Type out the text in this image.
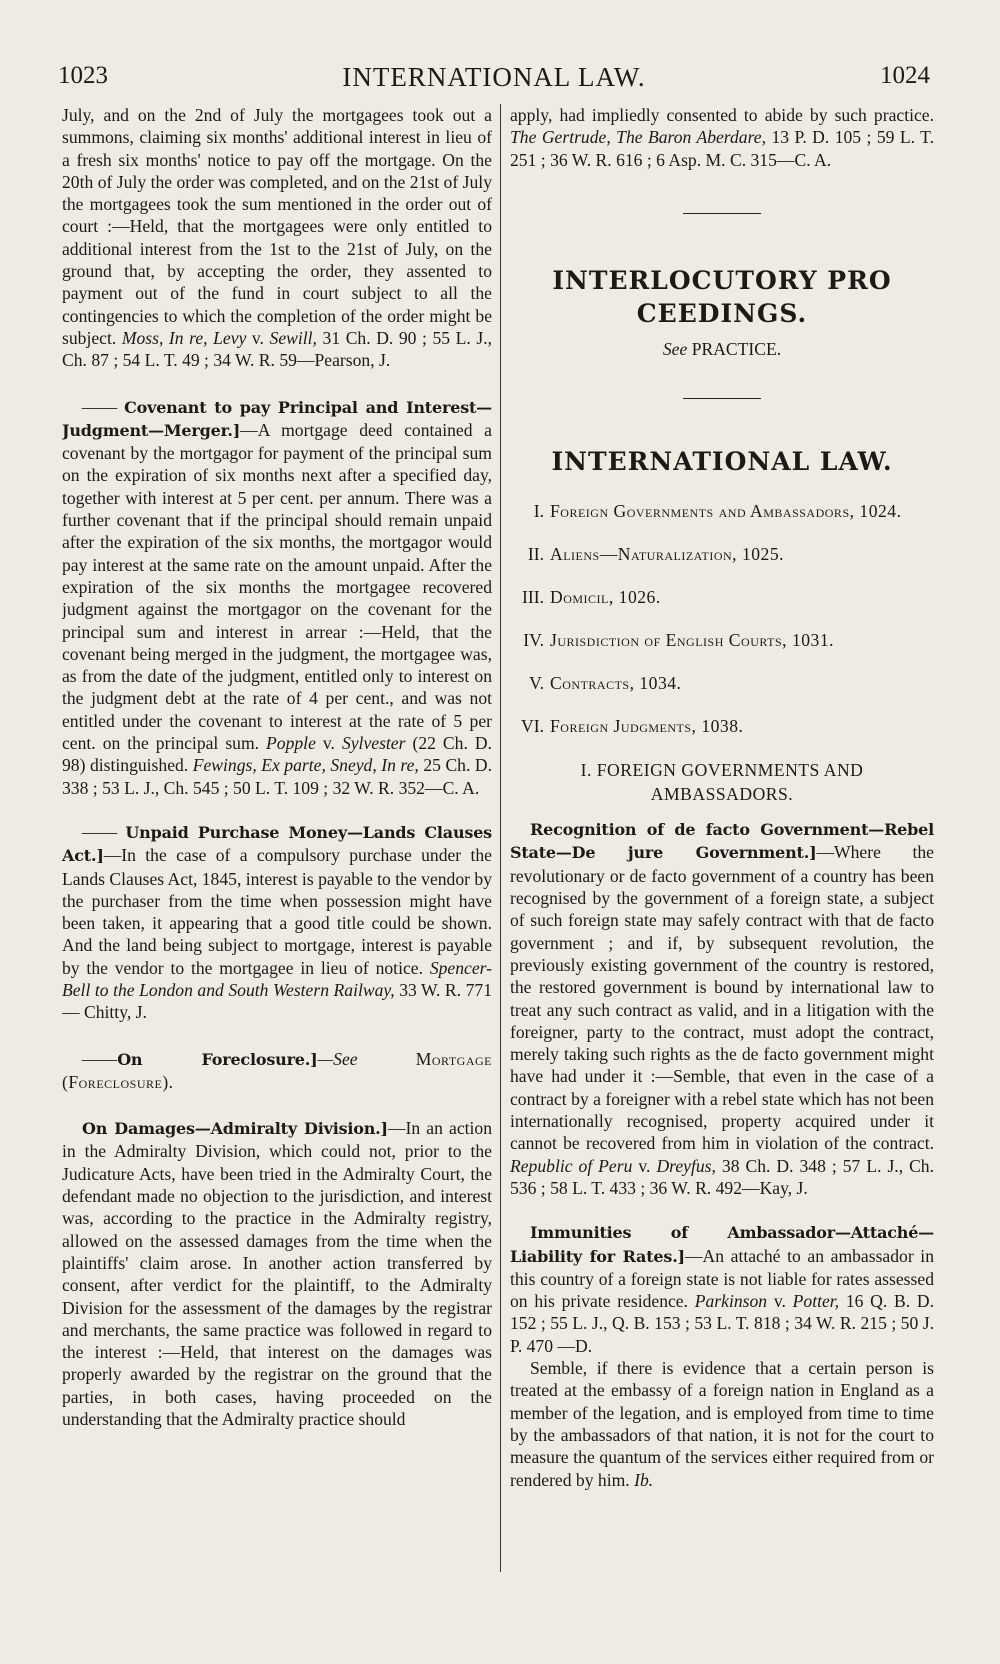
1023	INTERNATIONAL LAW.	1024

July, and on the 2nd of July the mortgagees took out a summons, claiming six months' additional interest in lieu of a fresh six months' notice to pay off the mortgage. On the 20th of July the order was completed, and on the 21st of July the mortgagees took the sum mentioned in the order out of court :—Held, that the mortgagees were only entitled to additional interest from the 1st to the 21st of July, on the ground that, by accepting the order, they assented to payment out of the fund in court subject to all the contingencies to which the completion of the order might be subject. Moss, In re, Levy v. Sewill, 31 Ch. D. 90 ; 55 L. J., Ch. 87 ; 54 L. T. 49 ; 34 W. R. 59—Pearson, J.

—— Covenant to pay Principal and Interest—Judgment—Merger.]—A mortgage deed contained a covenant by the mortgagor for payment of the principal sum on the expiration of six months next after a specified day, together with interest at 5 per cent. per annum. There was a further covenant that if the principal should remain unpaid after the expiration of the six months, the mortgagor would pay interest at the same rate on the amount unpaid. After the expiration of the six months the mortgagee recovered judgment against the mortgagor on the covenant for the principal sum and interest in arrear :—Held, that the covenant being merged in the judgment, the mortgagee was, as from the date of the judgment, entitled only to interest on the judgment debt at the rate of 4 per cent., and was not entitled under the covenant to interest at the rate of 5 per cent. on the principal sum. Popple v. Sylvester (22 Ch. D. 98) distinguished. Fewings, Ex parte, Sneyd, In re, 25 Ch. D. 338 ; 53 L. J., Ch. 545 ; 50 L. T. 109 ; 32 W. R. 352—C. A.

—— Unpaid Purchase Money—Lands Clauses Act.]—In the case of a compulsory purchase under the Lands Clauses Act, 1845, interest is payable to the vendor by the purchaser from the time when possession might have been taken, it appearing that a good title could be shown. And the land being subject to mortgage, interest is payable by the vendor to the mortgagee in lieu of notice. Spencer-Bell to the London and South Western Railway, 33 W. R. 771 — Chitty, J.

——On Foreclosure.]—See	Mortgage (Foreclosure).

On Damages—Admiralty Division.]—In an action in the Admiralty Division, which could not, prior to the Judicature Acts, have been tried in the Admiralty Court, the defendant made no objection to the jurisdiction, and interest was, according to the practice in the Admiralty registry, allowed on the assessed damages from the time when the plaintiffs' claim arose. In another action transferred by consent, after verdict for the plaintiff, to the Admiralty Division for the assessment of the damages by the registrar and merchants, the same practice was followed in regard to the interest :—Held, that interest on the damages was properly awarded by the registrar on the ground that the parties, in both cases, having proceeded on the understanding that the Admiralty practice should

apply, had impliedly consented to abide by such practice. The Gertrude, The Baron Aberdare, 13 P. D. 105 ; 59 L. T. 251 ; 36 W. R. 616 ; 6 Asp. M. C. 315—C. A.

INTERLOCUTORY PRO
CEEDINGS.

See PRACTICE.

INTERNATIONAL LAW.
I. Foreign Governments and Ambassadors, 1024.
II. Aliens—Naturalization, 1025.
III. Domicil, 1026.
IV. Jurisdiction of English Courts, 1031.
V. Contracts, 1034.
VI. Foreign Judgments, 1038.
I. FOREIGN GOVERNMENTS AND
AMBASSADORS.

Recognition of de facto Government—Rebel State—De jure Government.]—Where the revolutionary or de facto government of a country has been recognised by the government of a foreign state, a subject of such foreign state may safely contract with that de facto government ; and if, by subsequent revolution, the previously existing government of the country is restored, the restored government is bound by international law to treat any such contract as valid, and in a litigation with the foreigner, party to the contract, must adopt the contract, merely taking such rights as the de facto government might have had under it :—Semble, that even in the case of a contract by a foreigner with a rebel state which has not been internationally recognised, property acquired under it cannot be recovered from him in violation of the contract. Republic of Peru v. Dreyfus, 38 Ch. D. 348 ; 57 L. J., Ch. 536 ; 58 L. T. 433 ; 36 W. R. 492—Kay, J.

Immunities of Ambassador—Attaché—Liability for Rates.]—An attaché to an ambassador in this country of a foreign state is not liable for rates assessed on his private residence. Parkinson v. Potter, 16 Q. B. D. 152 ; 55 L. J., Q. B. 153 ; 53 L. T. 818 ; 34 W. R. 215 ; 50 J. P. 470 —D.

Semble, if there is evidence that a certain person is treated at the embassy of a foreign nation in England as a member of the legation, and is employed from time to time by the ambassadors of that nation, it is not for the court to measure the quantum of the services either required from or rendered by him. Ib.
